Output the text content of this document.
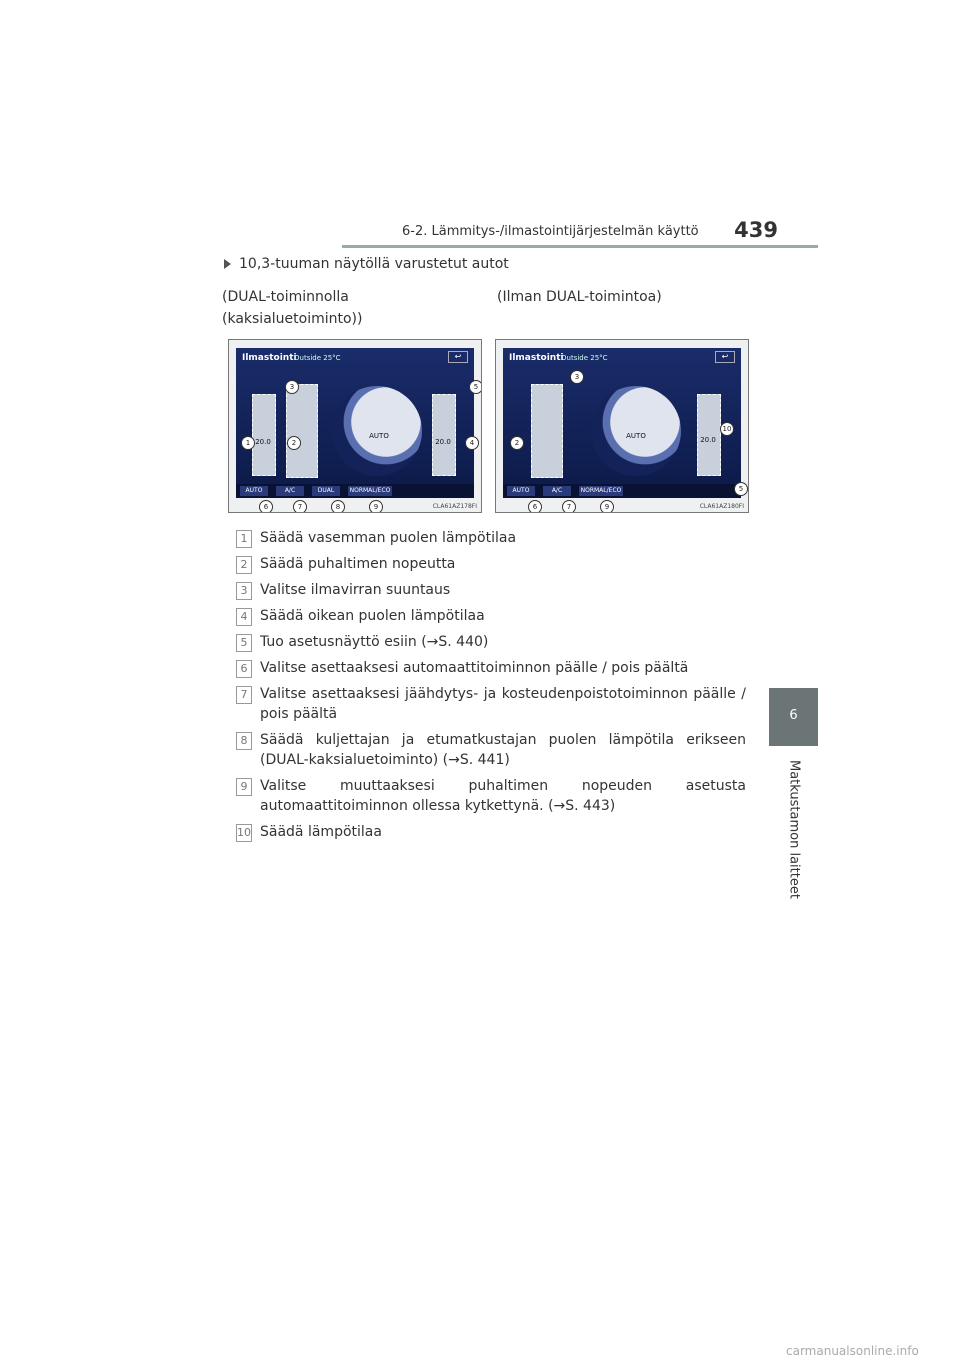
6-2. Lämmitys-/ilmastointijärjestelmän käyttö 439
6
Matkustamon laitteet
10,3-tuuman näytöllä varustetut autot
(DUAL-toiminnolla
(kaksialuetoiminto))
(Ilman DUAL-toimintoa)
Ilmastointi
Outside 25°C	↩
20.0
AUTO
20.0
AUTO	A/C	DUAL	NORMAL/ECO
CLA61AZ178FI
1	2
3
4
5
6	7	8	9
Ilmastointi
Outside 25°C	↩
AUTO	20.0
AUTO	A/C	NORMAL/ECO
CLA61AZ180FI
2
3
5
6	7	9
10
1 Säädä vasemman puolen lämpötilaa
2 Säädä puhaltimen nopeutta
3 Valitse ilmavirran suuntaus
4 Säädä oikean puolen lämpötilaa
5 Tuo asetusnäyttö esiin (→S. 440)
6 Valitse asettaaksesi automaattitoiminnon päälle / pois päältä
7 Valitse asettaaksesi jäähdytys- ja kosteudenpoistotoiminnon päälle / pois päältä
8 Säädä kuljettajan ja etumatkustajan puolen lämpötila erikseen (DUAL-kaksialuetoiminto) (→S. 441)
9 Valitse muuttaaksesi puhaltimen nopeuden asetusta automaattitoiminnon ollessa kytkettynä. (→S. 443)
10 Säädä lämpötilaa
carmanualsonline.info
